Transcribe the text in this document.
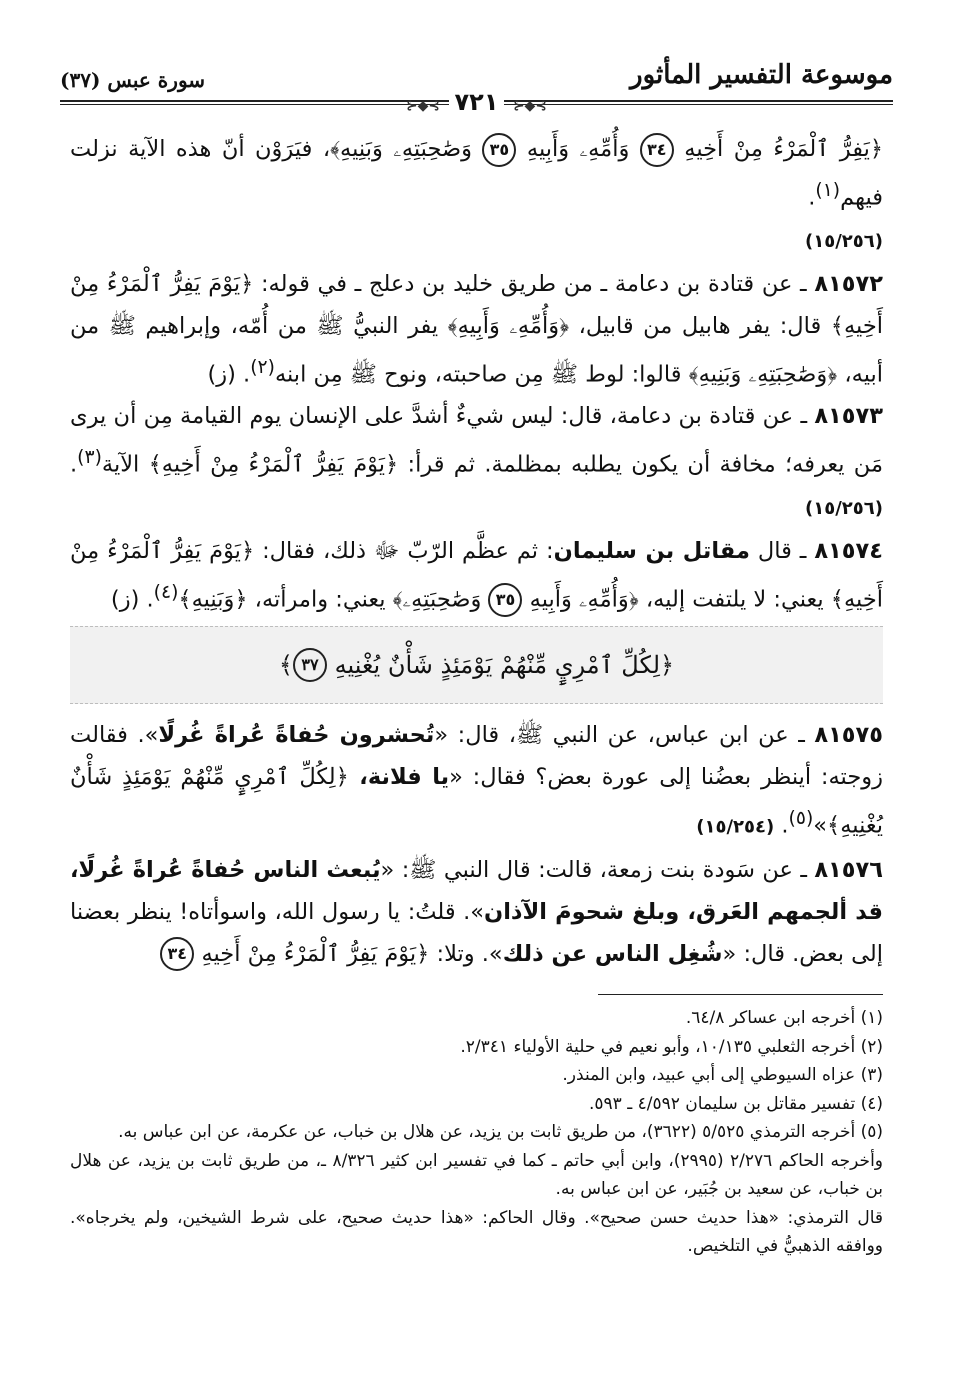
موسوعة التفسير المأثور
سورة عبس (٣٧)
⊱◆⊰ ٧٢١ ⊱◆⊰

﴿يَفِرُّ ٱلْمَرْءُ مِنْ أَخِيهِ ٣٤ وَأُمِّهِۦ وَأَبِيهِ ٣٥ وَصَٰحِبَتِهِۦ وَبَنِيهِ﴾، فيَرَوْن أنّ هذه الآية نزلت فيهم$^{(١)}$.
(١٥/٢٥٦)

٨١٥٧٢ ـ عن قتادة بن دعامة ـ من طريق خليد بن دعلج ـ في قوله: ﴿يَوْمَ يَفِرُّ ٱلْمَرْءُ مِنْ أَخِيهِ﴾ قال: يفر هابيل من قابيل، ﴿وَأُمِّهِۦ وَأَبِيهِ﴾ يفر النبيُّ ﷺ من أُمّه، وإبراهيم ﷺ من أبيه، ﴿وَصَٰحِبَتِهِۦ وَبَنِيهِ﴾ قالوا: لوط ﷺ مِن صاحبته، ونوح ﷺ مِن ابنه$^{(٢)}$. (ز)

٨١٥٧٣ ـ عن قتادة بن دعامة، قال: ليس شيءٌ أشدَّ على الإنسان يوم القيامة مِن أن يرى مَن يعرفه؛ مخافة أن يكون يطلبه بمظلمة. ثم قرأ: ﴿يَوْمَ يَفِرُّ ٱلْمَرْءُ مِنْ أَخِيهِ﴾ الآية$^{(٣)}$. (١٥/٢٥٦)

٨١٥٧٤ ـ قال مقاتل بن سليمان: ثم عظَّم الرّبّ ﷻ ذلك، فقال: ﴿يَوْمَ يَفِرُّ ٱلْمَرْءُ مِنْ أَخِيهِ﴾ يعني: لا يلتفت إليه، ﴿وَأُمِّهِۦ وَأَبِيهِ ٣٥ وَصَٰحِبَتِهِۦ﴾ يعني: وامرأته، ﴿وَبَنِيهِ﴾$^{(٤)}$. (ز)

﴿لِكُلِّ ٱمْرِيٍٕ مِّنْهُمْ يَوْمَئِذٍ شَأْنٌ يُغْنِيهِ

٣٧
﴾

٨١٥٧٥ ـ عن ابن عباس، عن النبي ﷺ، قال: «تُحشرون حُفاةً عُراةً غُرلًا». فقالت زوجته: أينظر بعضُنا إلى عورة بعض؟ فقال: «يا فلانة، ﴿لِكُلِّ ٱمْرِيٍٕ مِّنْهُمْ يَوْمَئِذٍ شَأْنٌ يُغْنِيهِ﴾»$^{(٥)}$. (١٥/٢٥٤)

٨١٥٧٦ ـ عن سَودة بنت زمعة، قالت: قال النبي ﷺ: «يُبعث الناس حُفاةً عُراةً غُرلًا، قد ألجمهم العَرق، وبلغ شحومَ الآذان». قلتُ: يا رسول الله، واسوأتاه! ينظر بعضنا إلى بعض. قال: «شُغِل الناس عن ذلك». وتلا: ﴿يَوْمَ يَفِرُّ ٱلْمَرْءُ مِنْ أَخِيهِ ٣٤

(١) أخرجه ابن عساكر ٦٤/٨.

(٢) أخرجه الثعلبي ١٠/١٣٥، وأبو نعيم في حلية الأولياء ٢/٣٤١.

(٣) عزاه السيوطي إلى أبي عبيد، وابن المنذر.

(٤) تفسير مقاتل بن سليمان ٤/٥٩٢ ـ ٥٩٣.

(٥) أخرجه الترمذي ٥/٥٢٥ (٣٦٢٢)، من طريق ثابت بن يزيد، عن هلال بن خباب، عن عكرمة، عن ابن عباس به.

وأخرجه الحاكم ٢/٢٧٦ (٢٩٩٥)، وابن أبي حاتم ـ كما في تفسير ابن كثير ٨/٣٢٦ ـ، من طريق ثابت بن يزيد، عن هلال بن خباب، عن سعيد بن جُبَير، عن ابن عباس به.

قال الترمذي: «هذا حديث حسن صحيح». وقال الحاكم: «هذا حديث صحيح، على شرط الشيخين، ولم يخرجاه». ووافقه الذهبيُّ في التلخيص.
